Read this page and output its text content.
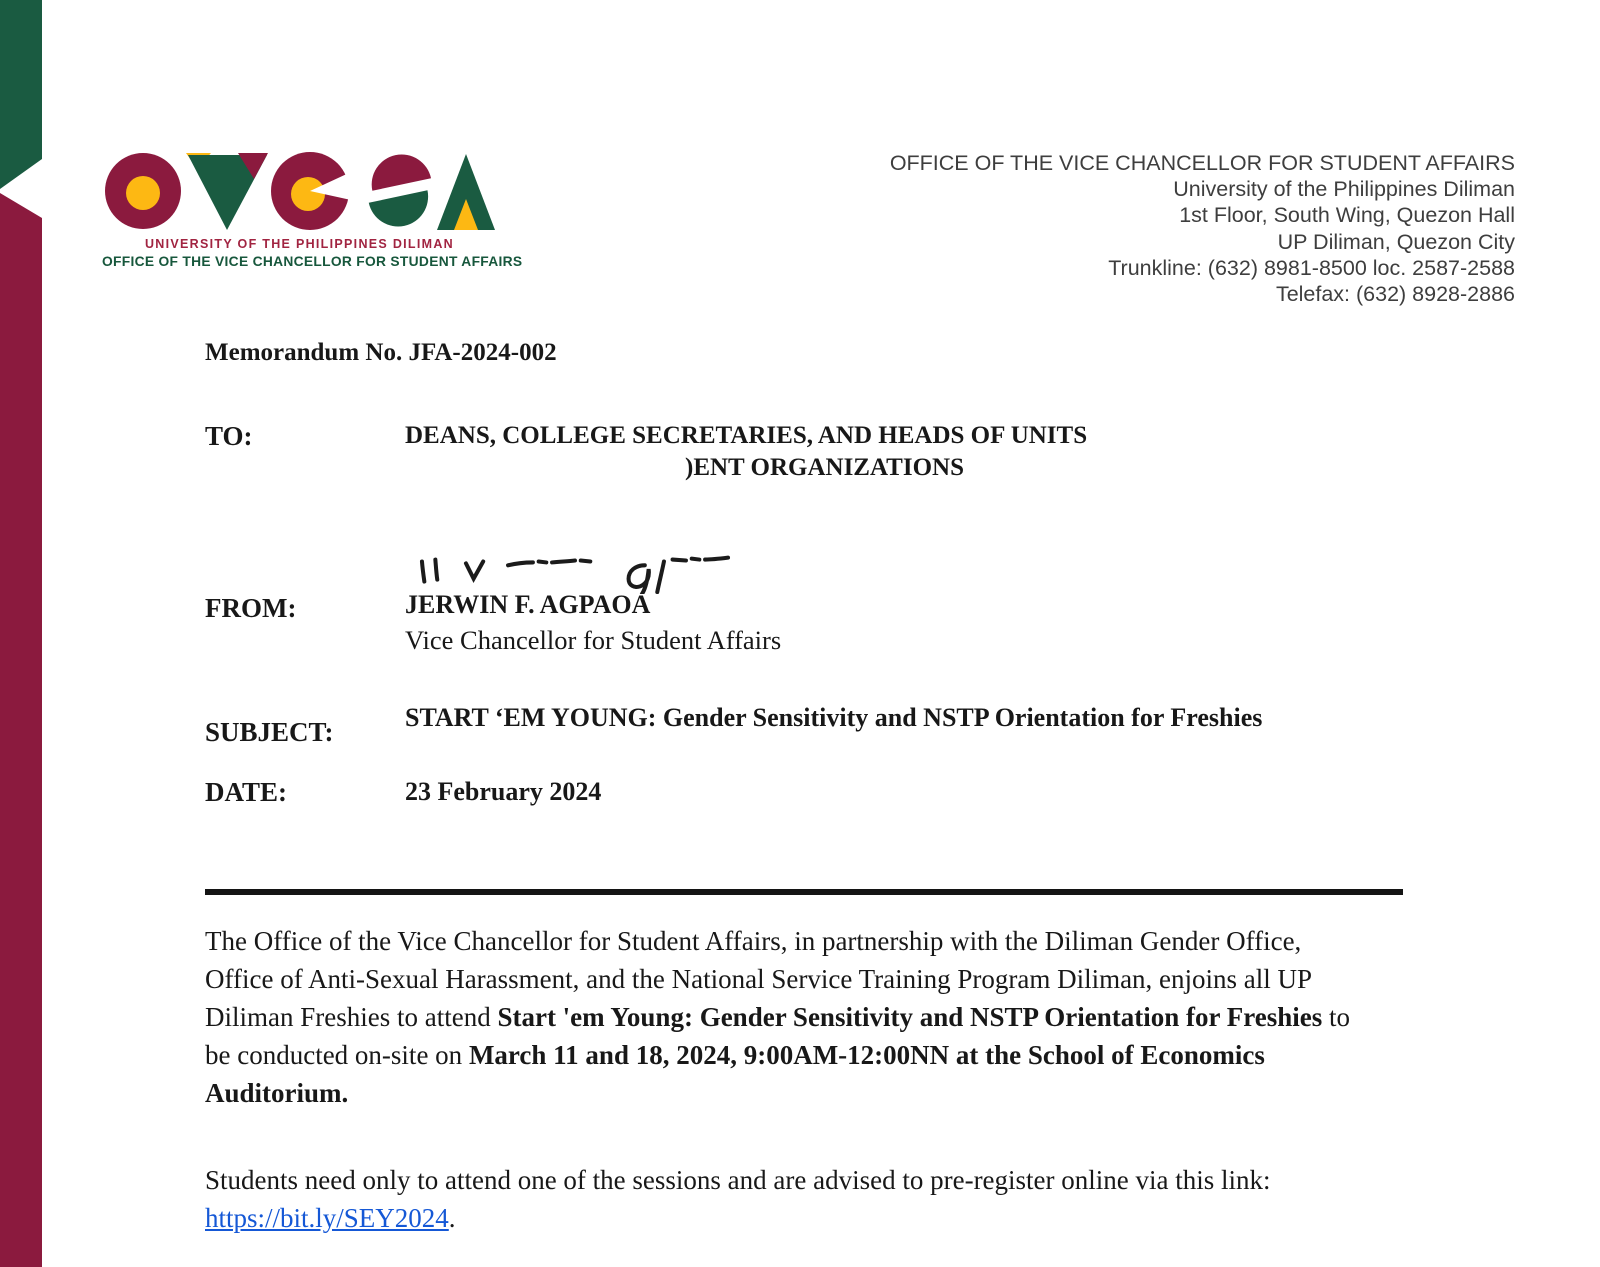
UNIVERSITY OF THE PHILIPPINES DILIMAN
OFFICE OF THE VICE CHANCELLOR FOR STUDENT AFFAIRS
OFFICE OF THE VICE CHANCELLOR FOR STUDENT AFFAIRS
University of the Philippines Diliman
1st Floor, South Wing, Quezon Hall
UP Diliman, Quezon City
Trunkline: (632) 8981-8500 loc. 2587-2588
Telefax: (632) 8928-2886
Memorandum No. JFA-2024-002
TO:	DEANS, COLLEGE SECRETARIES, AND HEADS OF UNITS
)ENT ORGANIZATIONS
FROM:	JERWIN F. AGPAOA
Vice Chancellor for Student Affairs
SUBJECT:	START ‘EM YOUNG: Gender Sensitivity and NSTP Orientation for Freshies
DATE:	23 February 2024

The Office of the Vice Chancellor for Student Affairs, in partnership with the Diliman Gender Office, Office of Anti-Sexual Harassment, and the National Service Training Program Diliman, enjoins all UP Diliman Freshies to attend Start 'em Young: Gender Sensitivity and NSTP Orientation for Freshies to be conducted on-site on March 11 and 18, 2024, 9:00AM-12:00NN at the School of Economics Auditorium.

Students need only to attend one of the sessions and are advised to pre-register online via this link: https://bit.ly/SEY2024.
